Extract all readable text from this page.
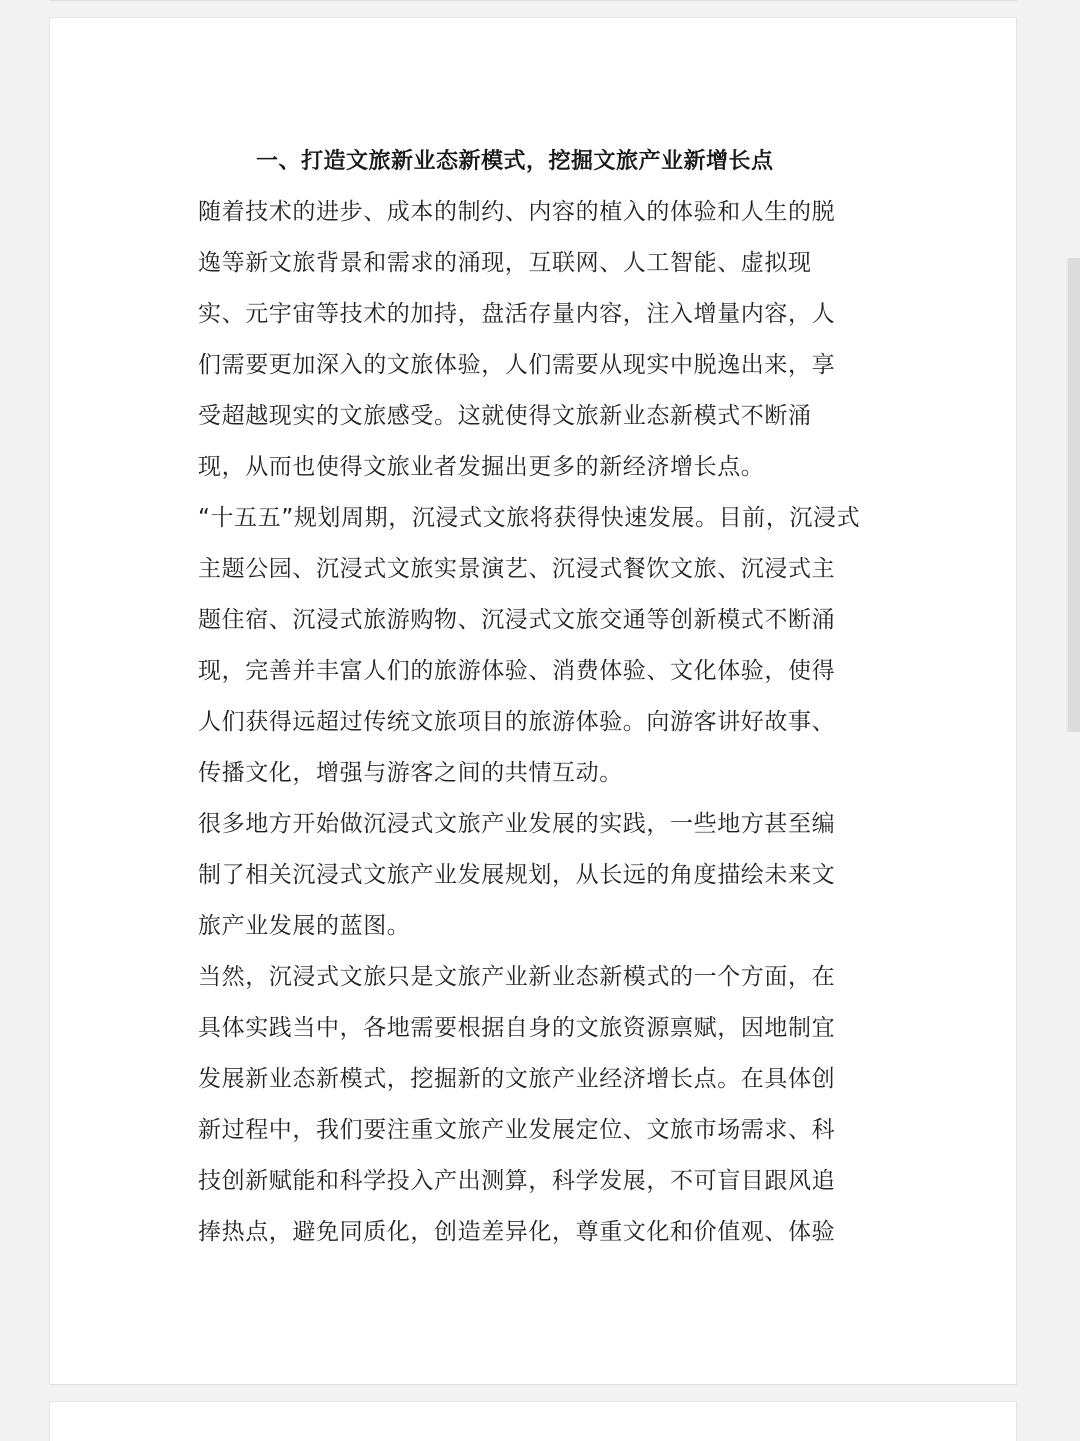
一、打造文旅新业态新模式，挖掘文旅产业新增长点
随着技术的进步、成本的制约、内容的植入的体验和人生的脱
逸等新文旅背景和需求的涌现，互联网、人工智能、虚拟现
实、元宇宙等技术的加持，盘活存量内容，注入增量内容，人
们需要更加深入的文旅体验，人们需要从现实中脱逸出来，享
受超越现实的文旅感受。这就使得文旅新业态新模式不断涌
现，从而也使得文旅业者发掘出更多的新经济增长点。
“十五五”规划周期，沉浸式文旅将获得快速发展。目前，沉浸式
主题公园、沉浸式文旅实景演艺、沉浸式餐饮文旅、沉浸式主
题住宿、沉浸式旅游购物、沉浸式文旅交通等创新模式不断涌
现，完善并丰富人们的旅游体验、消费体验、文化体验，使得
人们获得远超过传统文旅项目的旅游体验。向游客讲好故事、
传播文化，增强与游客之间的共情互动。
很多地方开始做沉浸式文旅产业发展的实践，一些地方甚至编
制了相关沉浸式文旅产业发展规划，从长远的角度描绘未来文
旅产业发展的蓝图。
当然，沉浸式文旅只是文旅产业新业态新模式的一个方面，在
具体实践当中，各地需要根据自身的文旅资源禀赋，因地制宜
发展新业态新模式，挖掘新的文旅产业经济增长点。在具体创
新过程中，我们要注重文旅产业发展定位、文旅市场需求、科
技创新赋能和科学投入产出测算，科学发展，不可盲目跟风追
捧热点，避免同质化，创造差异化，尊重文化和价值观、体验
